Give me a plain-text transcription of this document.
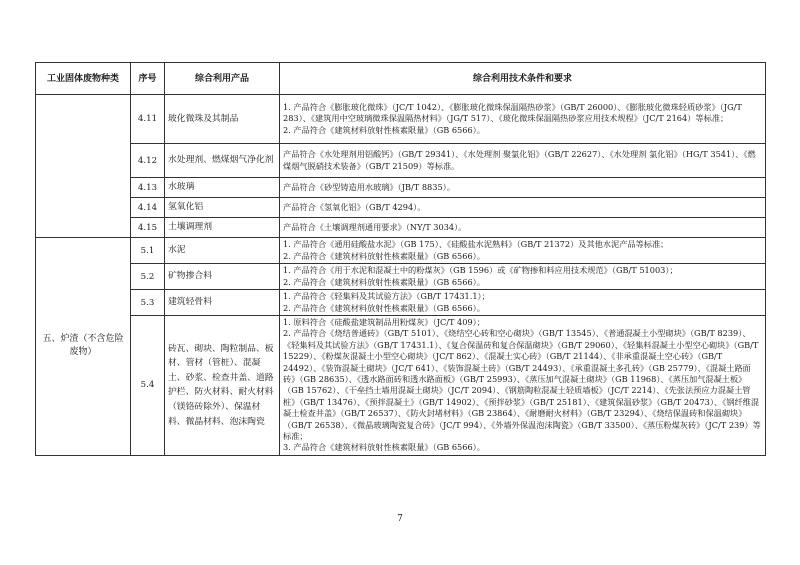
工业固体废物种类	序号	综合利用产品	综合利用技术条件和要求
	4.11	玻化微珠及其制品	1. 产品符合《膨胀玻化微珠》（JC/T 1042）、《膨胀玻化微珠保温隔热砂浆》（GB/T 26000）、《膨胀玻化微珠轻质砂浆》（JG/T 283）、《建筑用中空玻璃微珠保温隔热材料》（JG/T 517）、《玻化微珠保温隔热砂浆应用技术规程》（JC/T 2164）等标准；
2. 产品符合《建筑材料放射性核素限量》（GB 6566）。

	4.12	水处理剂、燃煤烟气净化剂	产品符合《水处理剂用铝酸钙》（GB/T 29341）、《水处理剂 聚氯化铝》（GB/T 22627）、《水处理剂 氯化铝》（HG/T 3541）、《燃煤烟气脱硝技术装备》（GB/T 21509）等标准。

	4.13	水玻璃	产品符合《砂型铸造用水玻璃》（JB/T 8835）。

	4.14	氢氧化铝	产品符合《氢氧化铝》（GB/T 4294）。

	4.15	土壤调理剂	产品符合《土壤调理剂通用要求》（NY/T 3034）。

五、炉渣（不含危险废物）	5.1	水泥	1. 产品符合《通用硅酸盐水泥》（GB 175）、《硅酸盐水泥熟料》（GB/T 21372）及其他水泥产品等标准；
2. 产品符合《建筑材料放射性核素限量》（GB 6566）。

	5.2	矿物掺合料	1. 产品符合《用于水泥和混凝土中的粉煤灰》（GB 1596）或《矿物掺和料应用技术规范》（GB/T 51003）；
2. 产品符合《建筑材料放射性核素限量》（GB 6566）。

	5.3	建筑轻骨料	1. 产品符合《轻集料及其试验方法》（GB/T 17431.1）；
2. 产品符合《建筑材料放射性核素限量》（GB 6566）。

	5.4	砖瓦、砌块、陶粒制品、板材、管材（管桩）、混凝土、砂浆、检查井盖、道路护栏、防火材料、耐火材料（镁铬砖除外）、保温材料、微晶材料、泡沫陶瓷	1. 原料符合《硅酸盐建筑制品用粉煤灰》（JC/T 409）；
2. 产品符合《烧结普通砖》（GB/T 5101）、《烧结空心砖和空心砌块》（GB/T 13545）、《普通混凝土小型砌块》（GB/T 8239）、《轻集料及其试验方法》（GB/T 17431.1）、《复合保温砖和复合保温砌块》（GB/T 29060）、《轻集料混凝土小型空心砌块》（GB/T 15229）、《粉煤灰混凝土小型空心砌块》（JC/T 862）、《混凝土实心砖》（GB/T 21144）、《非承重混凝土空心砖》（GB/T 24492）、《装饰混凝土砌块》（JC/T 641）、《装饰混凝土砖》（GB/T 24493）、《承重混凝土多孔砖》（GB 25779）、《混凝土路面砖》（GB 28635）、《透水路面砖和透水路面板》（GB/T 25993）、《蒸压加气混凝土砌块》（GB 11968）、《蒸压加气混凝土板》（GB 15762）、《干垒挡土墙用混凝土砌块》（JC/T 2094）、《钢筋陶粒混凝土轻质墙板》（JC/T 2214）、《先张法预应力混凝土管桩》（GB/T 13476）、《预拌混凝土》（GB/T 14902）、《预拌砂浆》（GB/T 25181）、《建筑保温砂浆》（GB/T 20473）、《钢纤维混凝土检查井盖》（GB/T 26537）、《防火封堵材料》（GB 23864）、《耐磨耐火材料》（GB/T 23294）、《烧结保温砖和保温砌块》（GB/T 26538）、《微晶玻璃陶瓷复合砖》（JC/T 994）、《外墙外保温泡沫陶瓷》（GB/T 33500）、《蒸压粉煤灰砖》（JC/T 239）等标准；
3. 产品符合《建筑材料放射性核素限量》（GB 6566）。
7
